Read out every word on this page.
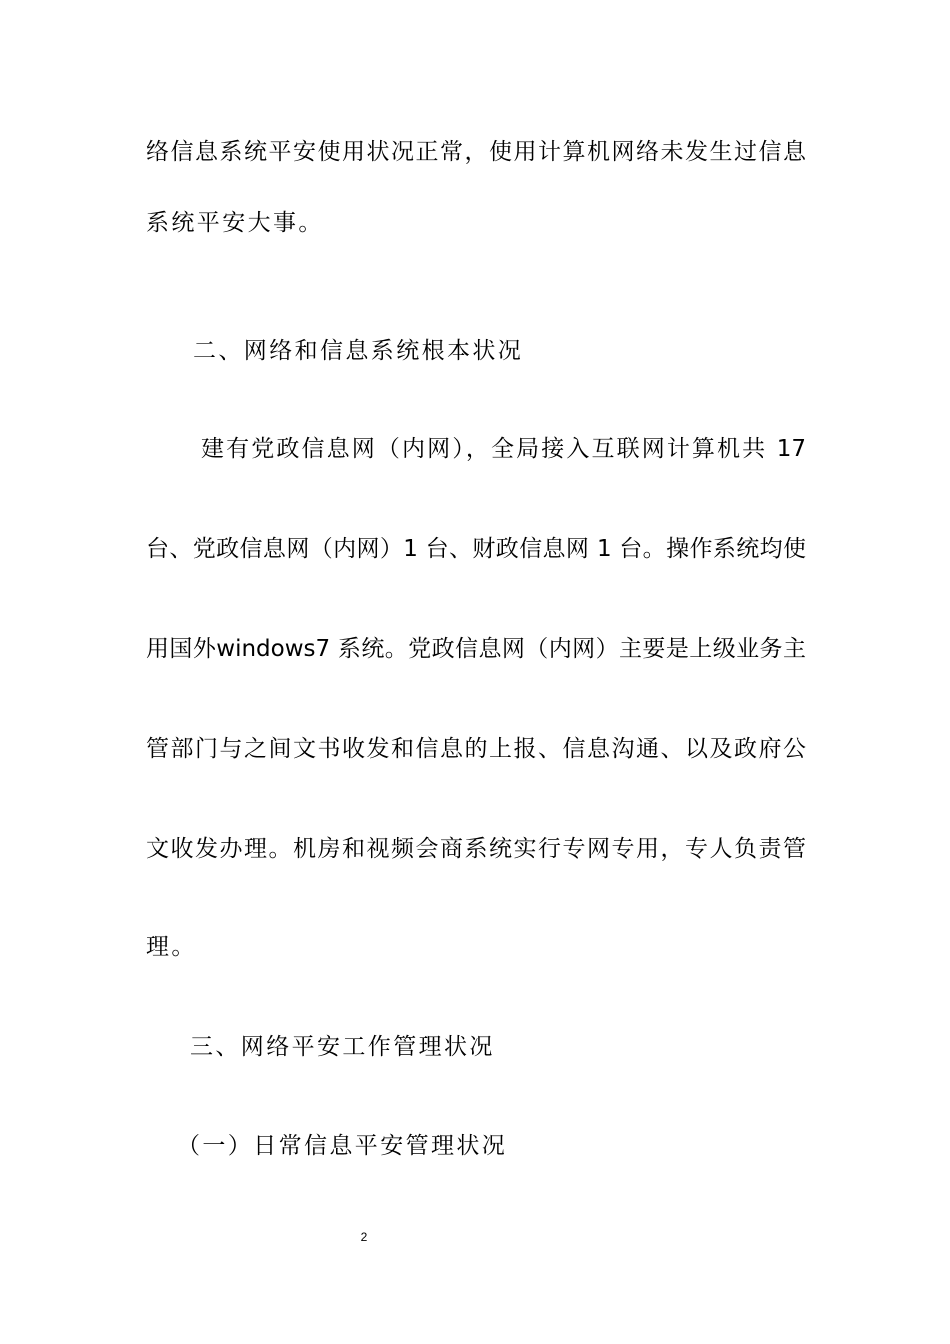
络信息系统平安使用状况正常，使用计算机网络未发生过信息
系统平安大事。
二、网络和信息系统根本状况
建有党政信息网（内网），全局接入互联网计算机共 17
台、党政信息网（内网）1 台、财政信息网 1 台。操作系统均使
用国外windows7 系统。党政信息网（内网）主要是上级业务主
管部门与之间文书收发和信息的上报、信息沟通、以及政府公
文收发办理。机房和视频会商系统实行专网专用，专人负责管
理。
三、网络平安工作管理状况
（一）日常信息平安管理状况
2
